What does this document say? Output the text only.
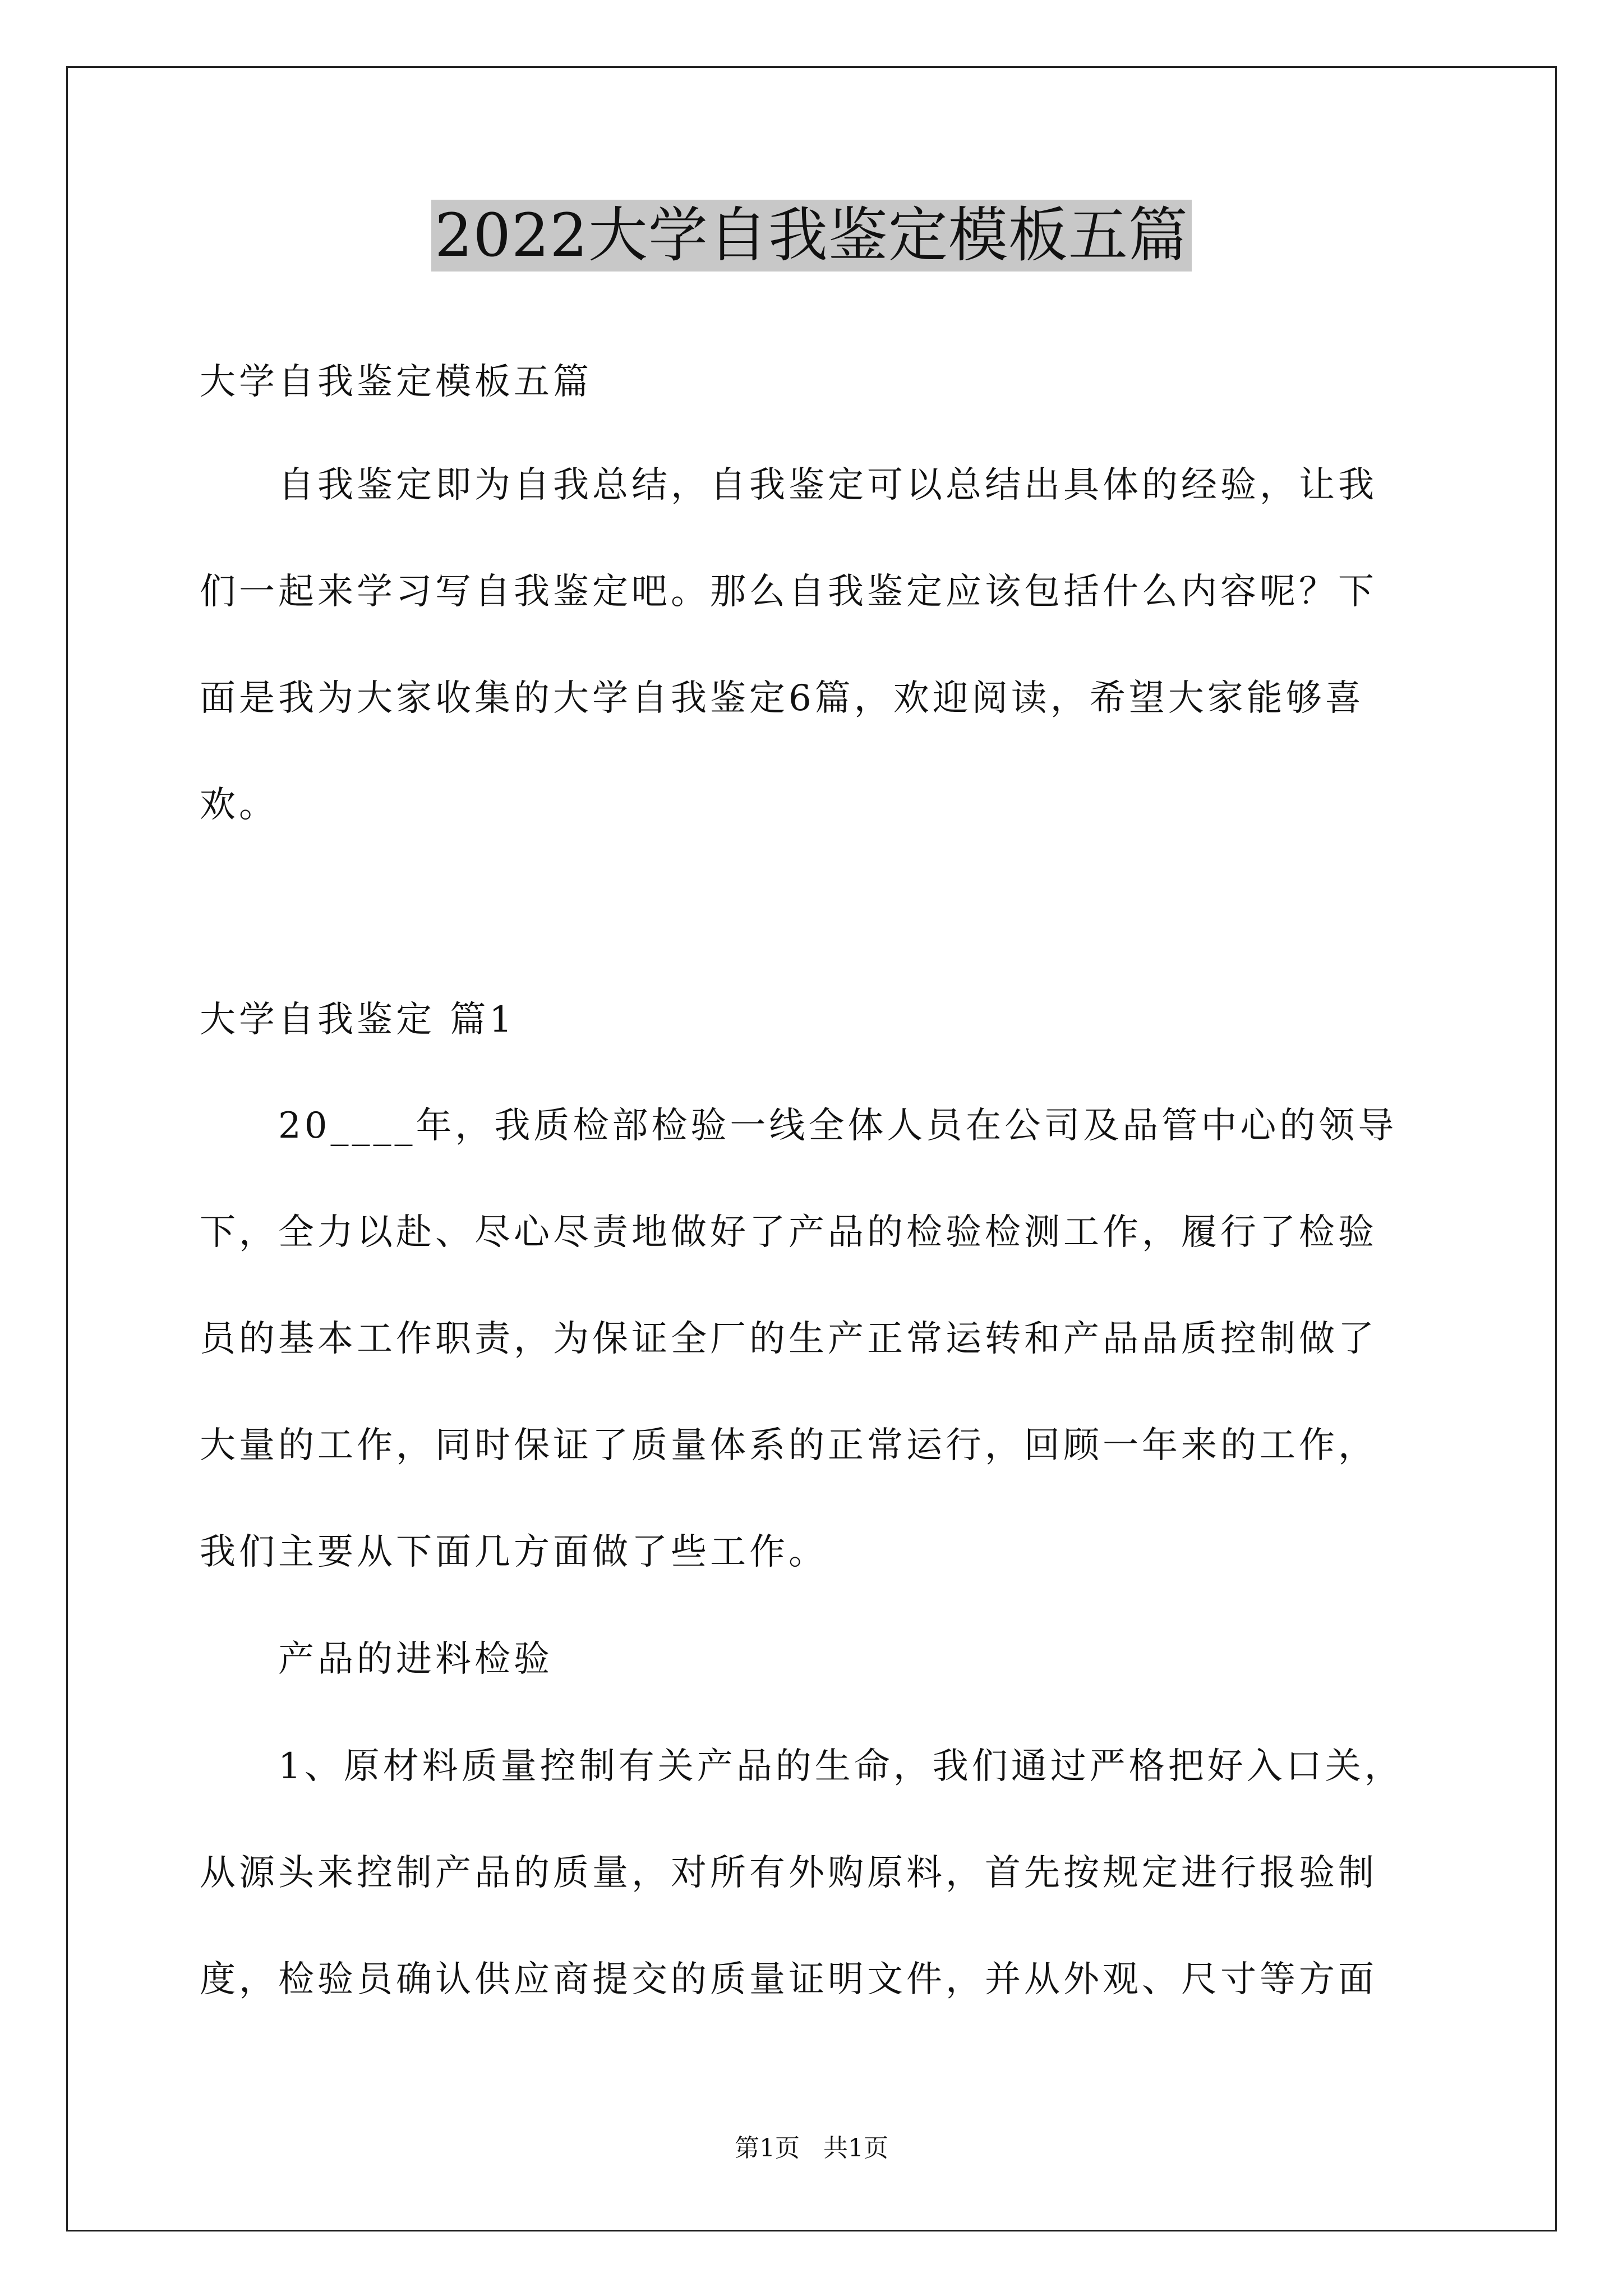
2022大学自我鉴定模板五篇
大学自我鉴定模板五篇
自我鉴定即为自我总结，自我鉴定可以总结出具体的经验，让我
们一起来学习写自我鉴定吧。那么自我鉴定应该包括什么内容呢？下
面是我为大家收集的大学自我鉴定6篇，欢迎阅读，希望大家能够喜
欢。
大学自我鉴定 篇1
20____年，我质检部检验一线全体人员在公司及品管中心的领导
下，全力以赴、尽心尽责地做好了产品的检验检测工作，履行了检验
员的基本工作职责，为保证全厂的生产正常运转和产品品质控制做了
大量的工作，同时保证了质量体系的正常运行，回顾一年来的工作，
我们主要从下面几方面做了些工作。
产品的进料检验
1、原材料质量控制有关产品的生命，我们通过严格把好入口关，
从源头来控制产品的质量，对所有外购原料，首先按规定进行报验制
度，检验员确认供应商提交的质量证明文件，并从外观、尺寸等方面
第1页 共1页
